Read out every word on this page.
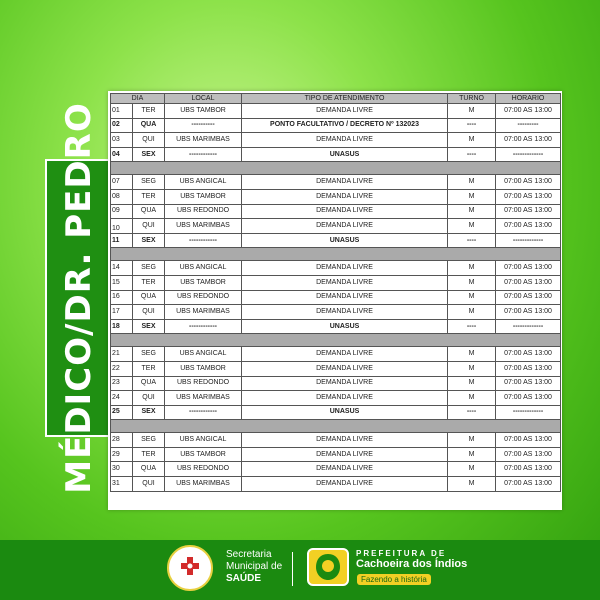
MÉDICO/DR. PEDRO
DIA		LOCAL	TIPO DE ATENDIMENTO	TURNO	HORARIO
01	TER	UBS TAMBOR	DEMANDA LIVRE	M	07:00 AS 13:00
02	QUA	----------	PONTO FACULTATIVO / DECRETO Nº 132023	----	---------
03	QUI	UBS MARIMBAS	DEMANDA LIVRE	M	07:00 AS 13:00
04	SEX	------------	UNASUS	----	-------------

07	SEG	UBS ANGICAL	DEMANDA LIVRE	M	07:00 AS 13:00
08	TER	UBS TAMBOR	DEMANDA LIVRE	M	07:00 AS 13:00
09	QUA	UBS REDONDO	DEMANDA LIVRE	M	07:00 AS 13:00
10	QUI	UBS MARIMBAS	DEMANDA LIVRE	M	07:00 AS 13:00
11	SEX	------------	UNASUS	----	-------------

14	SEG	UBS ANGICAL	DEMANDA LIVRE	M	07:00 AS 13:00
15	TER	UBS TAMBOR	DEMANDA LIVRE	M	07:00 AS 13:00
16	QUA	UBS REDONDO	DEMANDA LIVRE	M	07:00 AS 13:00
17	QUI	UBS MARIMBAS	DEMANDA LIVRE	M	07:00 AS 13:00
18	SEX	------------	UNASUS	----	-------------

21	SEG	UBS ANGICAL	DEMANDA LIVRE	M	07:00 AS 13:00
22	TER	UBS TAMBOR	DEMANDA LIVRE	M	07:00 AS 13:00
23	QUA	UBS REDONDO	DEMANDA LIVRE	M	07:00 AS 13:00
24	QUI	UBS MARIMBAS	DEMANDA LIVRE	M	07:00 AS 13:00
25	SEX	------------	UNASUS	----	-------------

28	SEG	UBS ANGICAL	DEMANDA LIVRE	M	07:00 AS 13:00
29	TER	UBS TAMBOR	DEMANDA LIVRE	M	07:00 AS 13:00
30	QUA	UBS REDONDO	DEMANDA LIVRE	M	07:00 AS 13:00
31	QUI	UBS MARIMBAS	DEMANDA LIVRE	M	07:00 AS 13:00
Secretaria
Municipal de
SAÚDE
PREFEITURA DE
Cachoeira dos Índios
Fazendo a história
